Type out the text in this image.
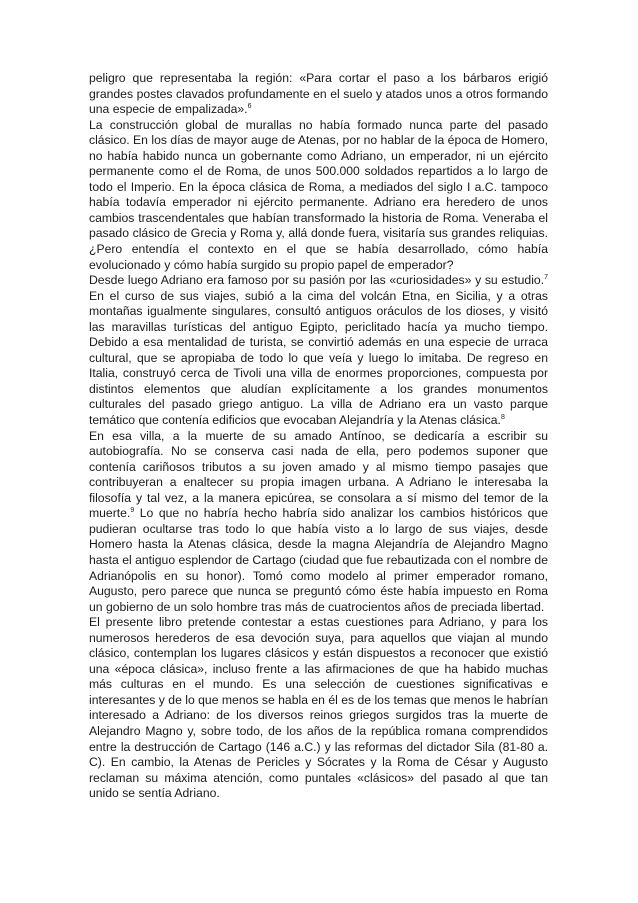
peligro que representaba la región: «Para cortar el paso a los bárbaros erigió grandes postes clavados profundamente en el suelo y atados unos a otros formando una especie de empalizada».$^6$
La construcción global de murallas no había formado nunca parte del pasado clásico. En los días de mayor auge de Atenas, por no hablar de la época de Homero, no había habido nunca un gobernante como Adriano, un emperador, ni un ejército permanente como el de Roma, de unos 500.000 soldados repartidos a lo largo de todo el Imperio. En la época clásica de Roma, a mediados del siglo I a.C. tampoco había todavía emperador ni ejército permanente. Adriano era heredero de unos cambios trascendentales que habían transformado la historia de Roma. Veneraba el pasado clásico de Grecia y Roma y, allá donde fuera, visitaría sus grandes reliquias. ¿Pero entendía el contexto en el que se había desarrollado, cómo había evolucionado y cómo había surgido su propio papel de emperador?
Desde luego Adriano era famoso por su pasión por las «curiosidades» y su estudio.$^7$ En el curso de sus viajes, subió a la cima del volcán Etna, en Sicilia, y a otras montañas igualmente singulares, consultó antiguos oráculos de los dioses, y visitó las maravillas turísticas del antiguo Egipto, periclitado hacía ya mucho tiempo. Debido a esa mentalidad de turista, se convirtió además en una especie de urraca cultural, que se apropiaba de todo lo que veía y luego lo imitaba. De regreso en Italia, construyó cerca de Tivoli una villa de enormes proporciones, compuesta por distintos elementos que aludían explícitamente a los grandes monumentos culturales del pasado griego antiguo. La villa de Adriano era un vasto parque temático que contenía edificios que evocaban Alejandría y la Atenas clásica.$^8$
En esa villa, a la muerte de su amado Antínoo, se dedicaría a escribir su autobiografía. No se conserva casi nada de ella, pero podemos suponer que contenía cariñosos tributos a su joven amado y al mismo tiempo pasajes que contribuyeran a enaltecer su propia imagen urbana. A Adriano le interesaba la filosofía y tal vez, a la manera epicúrea, se consolara a sí mismo del temor de la muerte.$^9$ Lo que no habría hecho habría sido analizar los cambios históricos que pudieran ocultarse tras todo lo que había visto a lo largo de sus viajes, desde Homero hasta la Atenas clásica, desde la magna Alejandría de Alejandro Magno hasta el antiguo esplendor de Cartago (ciudad que fue rebautizada con el nombre de Adrianópolis en su honor). Tomó como modelo al primer emperador romano, Augusto, pero parece que nunca se preguntó cómo éste había impuesto en Roma un gobierno de un solo hombre tras más de cuatrocientos años de preciada libertad.
El presente libro pretende contestar a estas cuestiones para Adriano, y para los numerosos herederos de esa devoción suya, para aquellos que viajan al mundo clásico, contemplan los lugares clásicos y están dispuestos a reconocer que existió una «época clásica», incluso frente a las afirmaciones de que ha habido muchas más culturas en el mundo. Es una selección de cuestiones significativas e interesantes y de lo que menos se habla en él es de los temas que menos le habrían interesado a Adriano: de los diversos reinos griegos surgidos tras la muerte de Alejandro Magno y, sobre todo, de los años de la república romana comprendidos entre la destrucción de Cartago (146 a.C.) y las reformas del dictador Sila (81-80 a. C). En cambio, la Atenas de Pericles y Sócrates y la Roma de César y Augusto reclaman su máxima atención, como puntales «clásicos» del pasado al que tan unido se sentía Adriano.
